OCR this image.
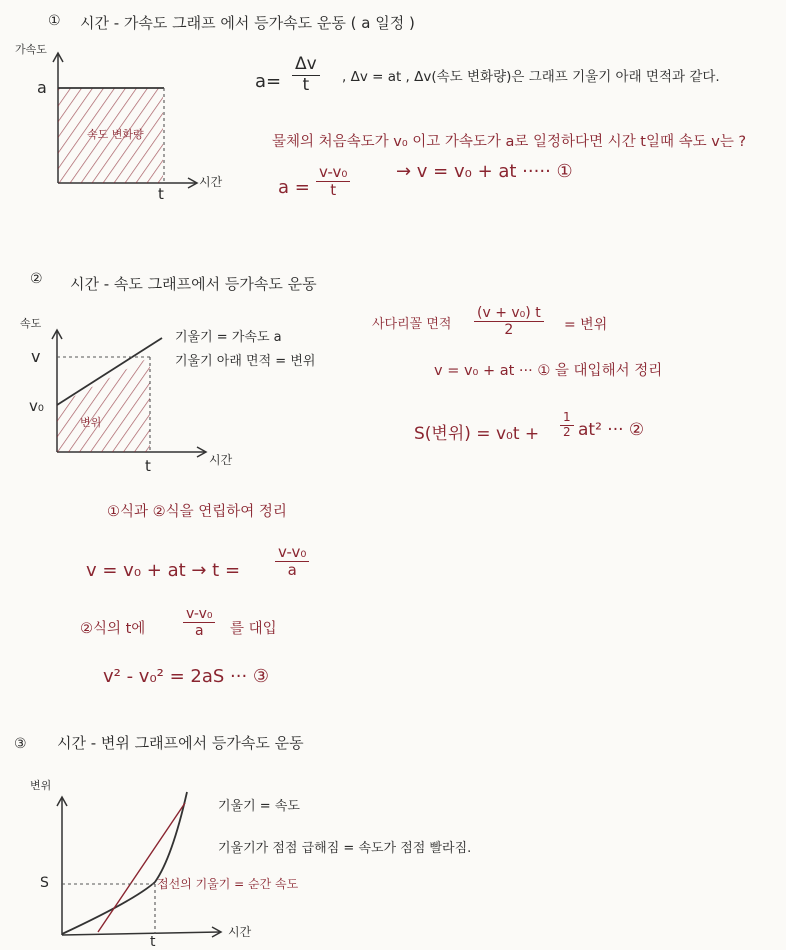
① 시간 - 가속도 그래프 에서 등가속도 운동 ( a 일정 )
가속도
a
속도 변화량
t
시간
$a= \frac{\Delta v}{t}$ , Δv = at , Δv(속도 변화량)은 그래프 기울기 아래 면적과 같다.
물체의 처음속도가 v₀ 이고 가속도가 a로 일정하다면 시간 t일때 속도 v는 ?
$a = \frac{\text{v-v₀}}{t}$	→ v = v₀ + at ····· ①
② 시간 - 속도 그래프에서 등가속도 운동
속도
v
v₀
변위
t	시간
기울기 = 가속도 a
기울기 아래 면적 = 변위
사다리꼴 면적 $\frac{\text{(v + v₀) t}}{2}$ = 변위
v = v₀ + at ··· ① 을 대입해서 정리
S(변위) = $v_0t + \frac{1}{2} at^2$ ··· ②
①식과 ②식을 연립하여 정리
v = v₀ + at → $t = \frac{\text{v-v₀}}{a}$
②식의 t에	$\frac{\text{v-v₀}}{a}$ 를 대입
v² - v₀² = 2aS ··· ③
③ 시간 - 변위 그래프에서 등가속도 운동
변위
S
t
시간
접선의 기울기 = 순간 속도
기울기 = 속도
기울기가 점점 급해짐 = 속도가 점점 빨라짐.
